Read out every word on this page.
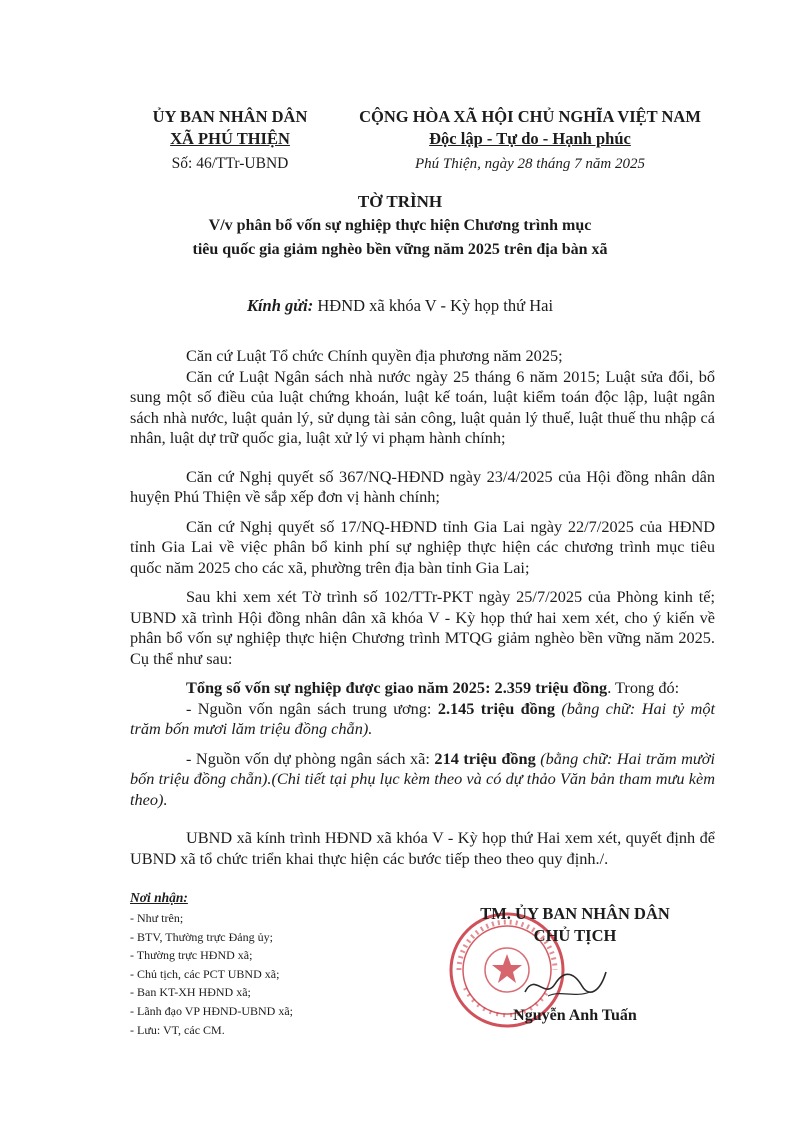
ỦY BAN NHÂN DÂN
XÃ PHÚ THIỆN
Số: 46/TTr-UBND
CỘNG HÒA XÃ HỘI CHỦ NGHĨA VIỆT NAM
Độc lập - Tự do - Hạnh phúc
Phú Thiện, ngày 28 tháng 7 năm 2025
TỜ TRÌNH
V/v phân bổ vốn sự nghiệp thực hiện Chương trình mục
tiêu quốc gia giảm nghèo bền vững năm 2025 trên địa bàn xã
Kính gửi: HĐND xã khóa V - Kỳ họp thứ Hai

Căn cứ Luật Tổ chức Chính quyền địa phương năm 2025;

Căn cứ Luật Ngân sách nhà nước ngày 25 tháng 6 năm 2015; Luật sửa đổi, bổ sung một số điều của luật chứng khoán, luật kế toán, luật kiểm toán độc lập, luật ngân sách nhà nước, luật quản lý, sử dụng tài sản công, luật quản lý thuế, luật thuế thu nhập cá nhân, luật dự trữ quốc gia, luật xử lý vi phạm hành chính;

Căn cứ Nghị quyết số 367/NQ-HĐND ngày 23/4/2025 của Hội đồng nhân dân huyện Phú Thiện về sắp xếp đơn vị hành chính;

Căn cứ Nghị quyết số 17/NQ-HĐND tỉnh Gia Lai ngày 22/7/2025 của HĐND tỉnh Gia Lai về việc phân bổ kinh phí sự nghiệp thực hiện các chương trình mục tiêu quốc năm 2025 cho các xã, phường trên địa bàn tỉnh Gia Lai;

Sau khi xem xét Tờ trình số 102/TTr-PKT ngày 25/7/2025 của Phòng kinh tế; UBND xã trình Hội đồng nhân dân xã khóa V - Kỳ họp thứ hai xem xét, cho ý kiến về phân bổ vốn sự nghiệp thực hiện Chương trình MTQG giảm nghèo bền vững năm 2025. Cụ thể như sau:

Tổng số vốn sự nghiệp được giao năm 2025: 2.359 triệu đồng. Trong đó:

- Nguồn vốn ngân sách trung ương: 2.145 triệu đồng (bằng chữ: Hai tỷ một trăm bốn mươi lăm triệu đồng chẵn).

- Nguồn vốn dự phòng ngân sách xã: 214 triệu đồng (bằng chữ: Hai trăm mười bốn triệu đồng chẵn).(Chi tiết tại phụ lục kèm theo và có dự thảo Văn bản tham mưu kèm theo).

UBND xã kính trình HĐND xã khóa V - Kỳ họp thứ Hai xem xét, quyết định để UBND xã tổ chức triển khai thực hiện các bước tiếp theo theo quy định./.

Nơi nhận:
- Như trên;
- BTV, Thường trực Đảng ủy;
- Thường trực HĐND xã;
- Chủ tịch, các PCT UBND xã;
- Ban KT-XH HĐND xã;
- Lãnh đạo VP HĐND-UBND xã;
- Lưu: VT, các CM.
TM. ỦY BAN NHÂN DÂN
CHỦ TỊCH
Nguyễn Anh Tuấn
